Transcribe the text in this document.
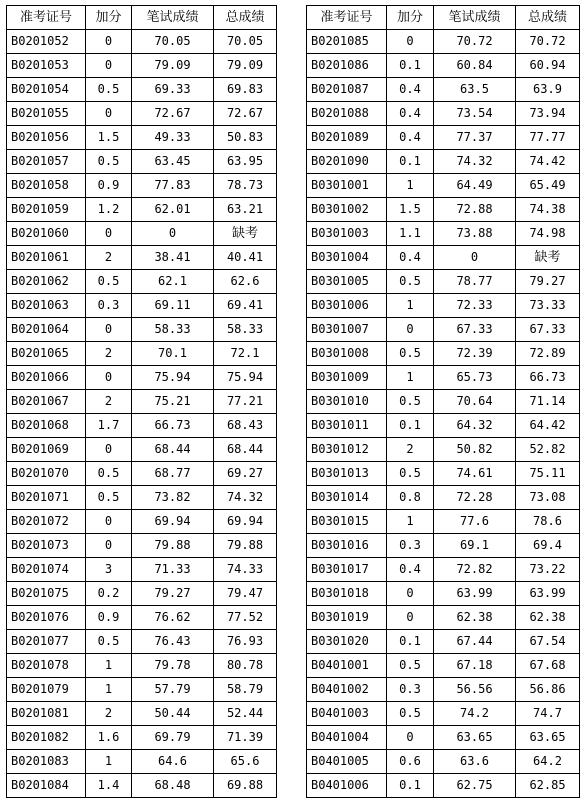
准考证号	加分	笔试成绩	总成绩
B0201052	0	70.05	70.05
B0201053	0	79.09	79.09
B0201054	0.5	69.33	69.83
B0201055	0	72.67	72.67
B0201056	1.5	49.33	50.83
B0201057	0.5	63.45	63.95
B0201058	0.9	77.83	78.73
B0201059	1.2	62.01	63.21
B0201060	0	0	缺考
B0201061	2	38.41	40.41
B0201062	0.5	62.1	62.6
B0201063	0.3	69.11	69.41
B0201064	0	58.33	58.33
B0201065	2	70.1	72.1
B0201066	0	75.94	75.94
B0201067	2	75.21	77.21
B0201068	1.7	66.73	68.43
B0201069	0	68.44	68.44
B0201070	0.5	68.77	69.27
B0201071	0.5	73.82	74.32
B0201072	0	69.94	69.94
B0201073	0	79.88	79.88
B0201074	3	71.33	74.33
B0201075	0.2	79.27	79.47
B0201076	0.9	76.62	77.52
B0201077	0.5	76.43	76.93
B0201078	1	79.78	80.78
B0201079	1	57.79	58.79
B0201081	2	50.44	52.44
B0201082	1.6	69.79	71.39
B0201083	1	64.6	65.6
B0201084	1.4	68.48	69.88
准考证号	加分	笔试成绩	总成绩
B0201085	0	70.72	70.72
B0201086	0.1	60.84	60.94
B0201087	0.4	63.5	63.9
B0201088	0.4	73.54	73.94
B0201089	0.4	77.37	77.77
B0201090	0.1	74.32	74.42
B0301001	1	64.49	65.49
B0301002	1.5	72.88	74.38
B0301003	1.1	73.88	74.98
B0301004	0.4	0	缺考
B0301005	0.5	78.77	79.27
B0301006	1	72.33	73.33
B0301007	0	67.33	67.33
B0301008	0.5	72.39	72.89
B0301009	1	65.73	66.73
B0301010	0.5	70.64	71.14
B0301011	0.1	64.32	64.42
B0301012	2	50.82	52.82
B0301013	0.5	74.61	75.11
B0301014	0.8	72.28	73.08
B0301015	1	77.6	78.6
B0301016	0.3	69.1	69.4
B0301017	0.4	72.82	73.22
B0301018	0	63.99	63.99
B0301019	0	62.38	62.38
B0301020	0.1	67.44	67.54
B0401001	0.5	67.18	67.68
B0401002	0.3	56.56	56.86
B0401003	0.5	74.2	74.7
B0401004	0	63.65	63.65
B0401005	0.6	63.6	64.2
B0401006	0.1	62.75	62.85
